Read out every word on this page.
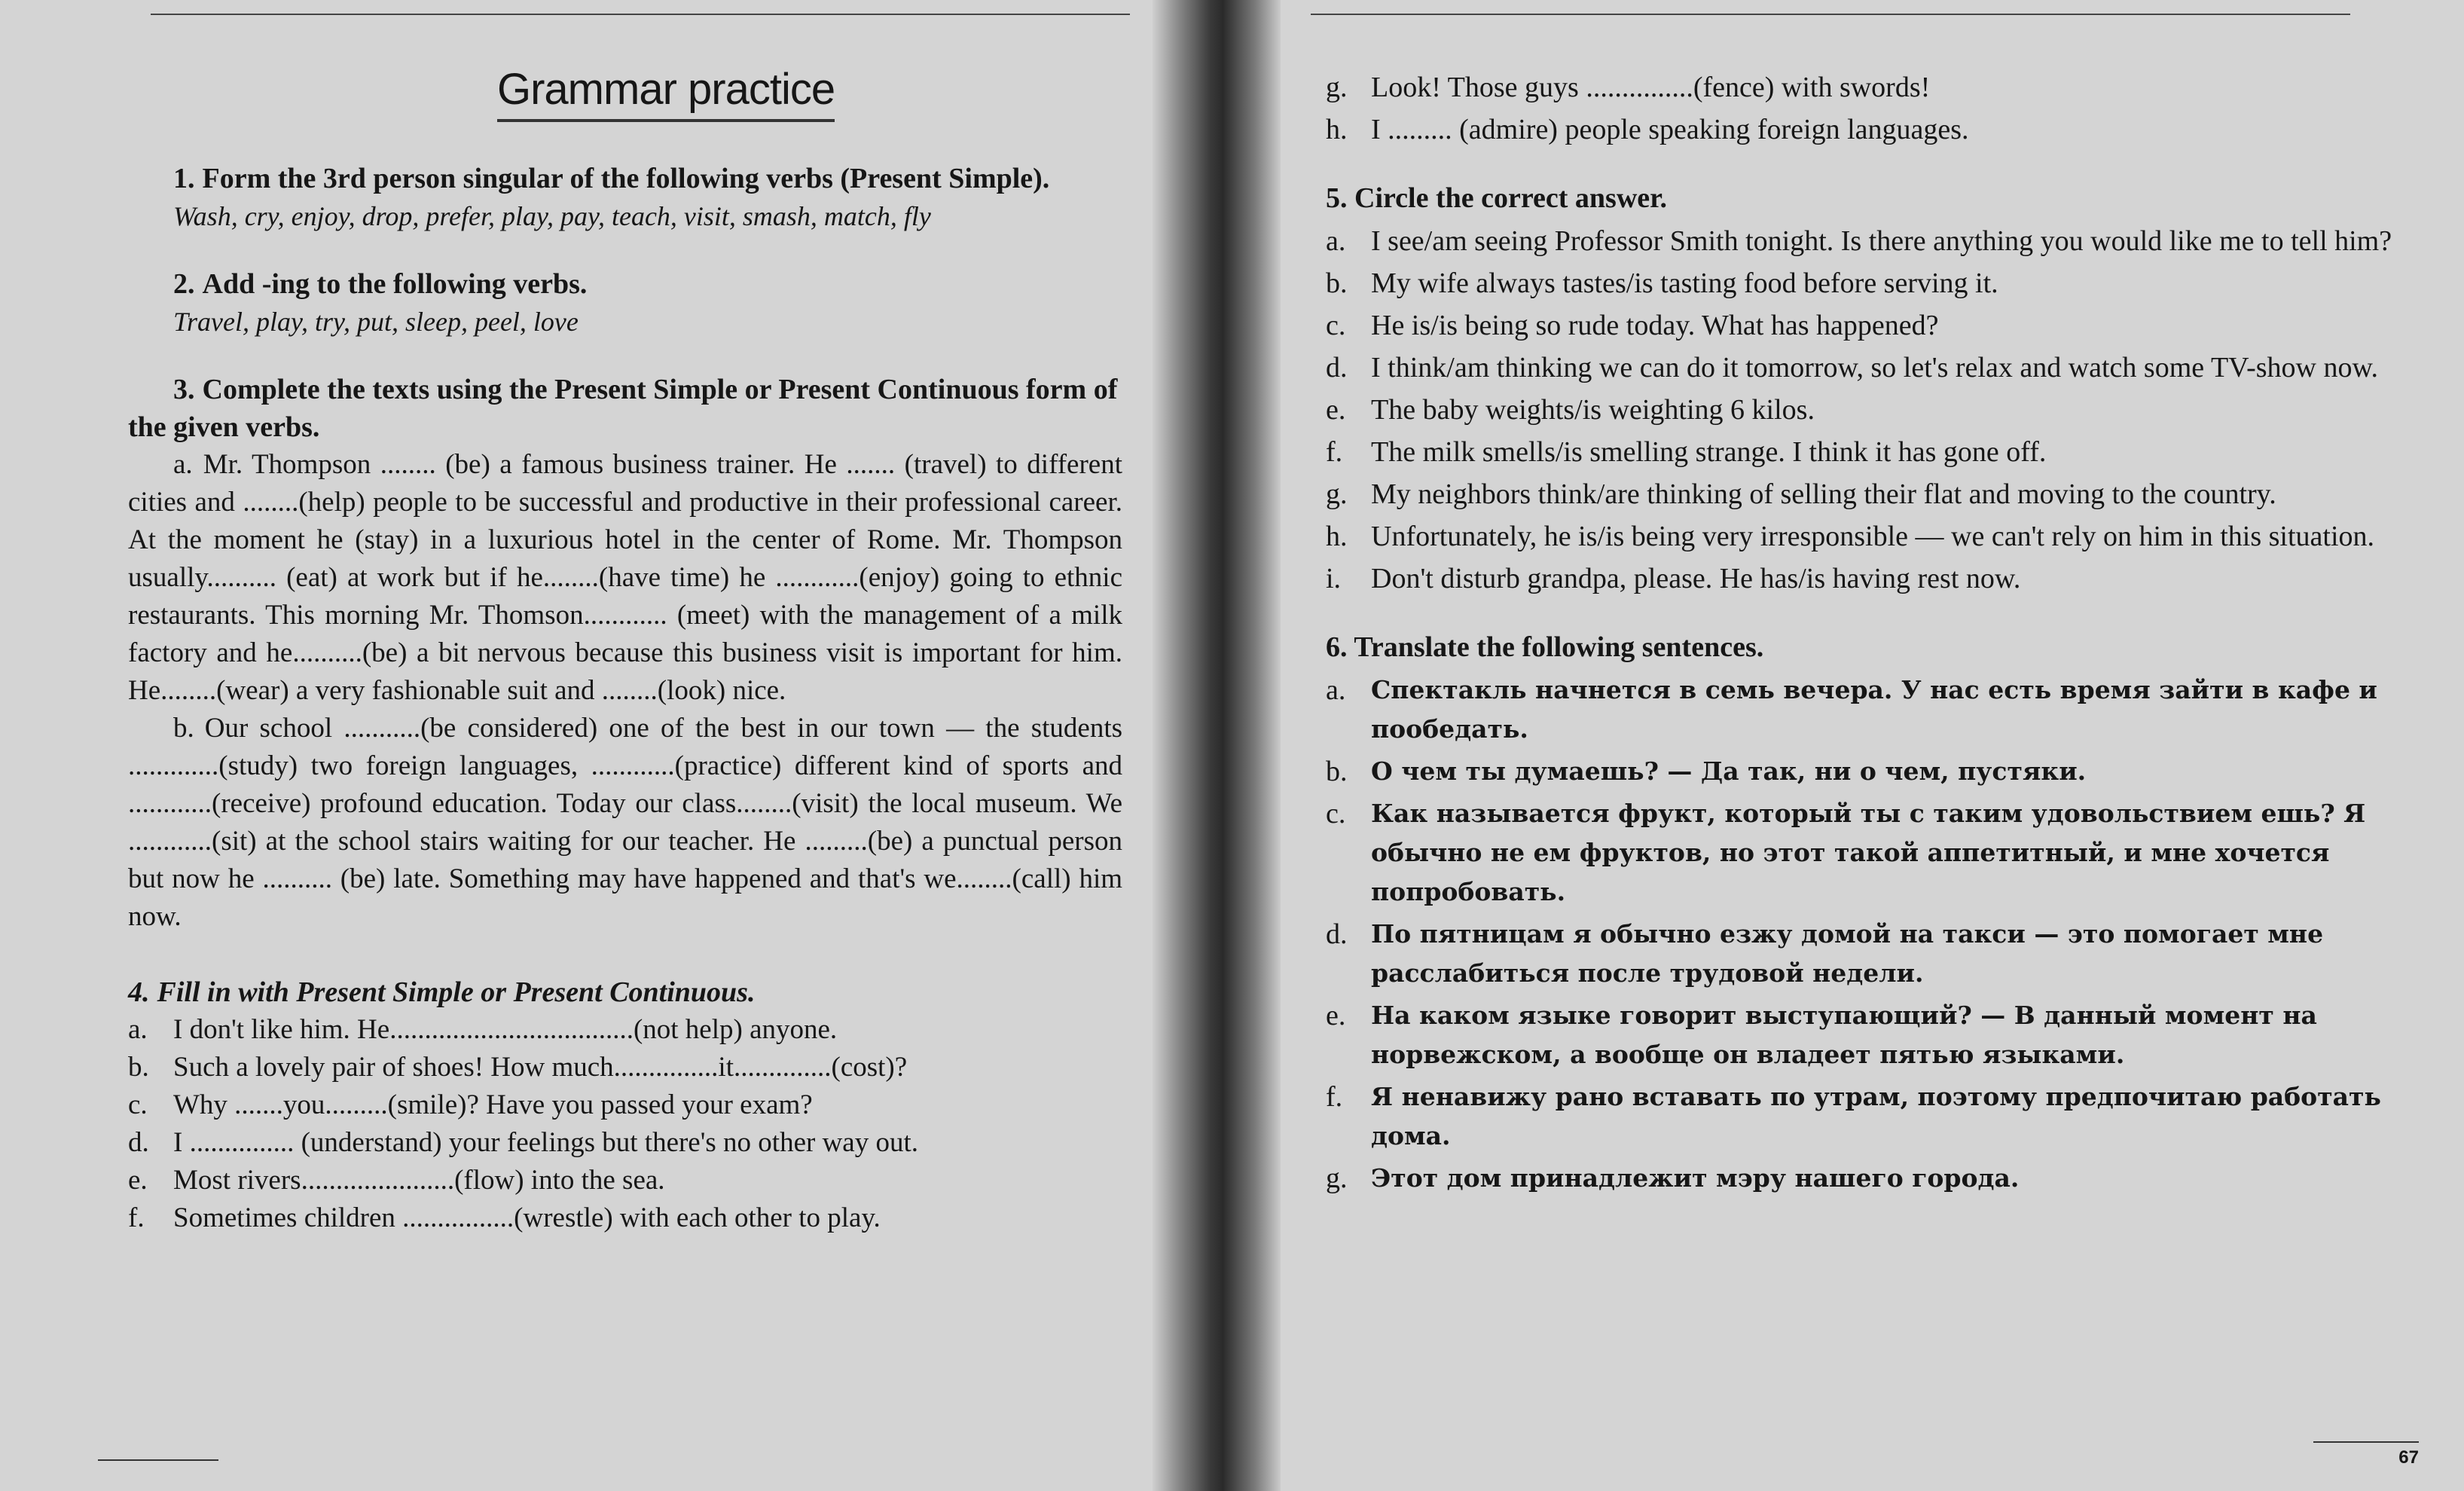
Grammar practice
1. Form the 3rd person singular of the following verbs (Present Simple).
Wash, cry, enjoy, drop, prefer, play, pay, teach, visit, smash, match, fly
2. Add -ing to the following verbs.
Travel, play, try, put, sleep, peel, love
3. Complete the texts using the Present Simple or Present Continuous form of the given verbs.

a. Mr. Thompson ........ (be) a famous business trainer. He ....... (travel) to different cities and ........(help) people to be successful and productive in their professional career. At the moment he (stay) in a luxurious hotel in the center of Rome. Mr. Thompson usually.......... (eat) at work but if he........(have time) he ............(enjoy) going to ethnic restaurants. This morning Mr. Thomson............ (meet) with the management of a milk factory and he..........(be) a bit nervous because this business visit is important for him. He........(wear) a very fashionable suit and ........(look) nice.

b. Our school ...........(be considered) one of the best in our town — the students .............(study) two foreign languages, ............(practice) different kind of sports and ............(receive) profound education. Today our class........(visit) the local museum. We ............(sit) at the school stairs waiting for our teacher. He .........(be) a punctual person but now he .......... (be) late. Something may have happened and that's we........(call) him now.

4. Fill in with Present Simple or Present Continuous.
a. I don't like him. He...................................(not help) anyone.
b. Such a lovely pair of shoes! How much...............it..............(cost)?
c. Why .......you.........(smile)? Have you passed your exam?
d. I ............... (understand) your feelings but there's no other way out.
e. Most rivers......................(flow) into the sea.
f.	Sometimes children ................(wrestle) with each other to play.
g. Look! Those guys ...............(fence) with swords!
h. I ......... (admire) people speaking foreign languages.
5. Circle the correct answer.
a. I see/am seeing Professor Smith tonight. Is there anything you would like me to tell him?
b. My wife always tastes/is tasting food before serving it.
c. He is/is being so rude today. What has happened?
d. I think/am thinking we can do it tomorrow, so let's relax and watch some TV-show now.
e. The baby weights/is weighting 6 kilos.
f. The milk smells/is smelling strange. I think it has gone off.
g. My neighbors think/are thinking of selling their flat and moving to the country.
h. Unfortunately, he is/is being very irresponsible — we can't rely on him in this situation.
i.	Don't disturb grandpa, please. He has/is having rest now.
6. Translate the following sentences.
a.	Спектакль начнется в семь вечера. У нас есть время зайти в кафе и пообедать.
b. О чем ты думаешь? — Да так, ни о чем, пустяки.
c.	Как называется фрукт, который ты с таким удовольствием ешь? Я обычно не ем фруктов, но этот такой аппетитный, и мне хочется попробовать.
d. По пятницам я обычно езжу домой на такси — это помогает мне расслабиться после трудовой недели.
e.	На каком языке говорит выступающий? — В данный момент на норвежском, а вообще он владеет пятью языками.
f.	Я ненавижу рано вставать по утрам, поэтому предпочитаю работать дома.
g. Этот дом принадлежит мэру нашего города.
67
